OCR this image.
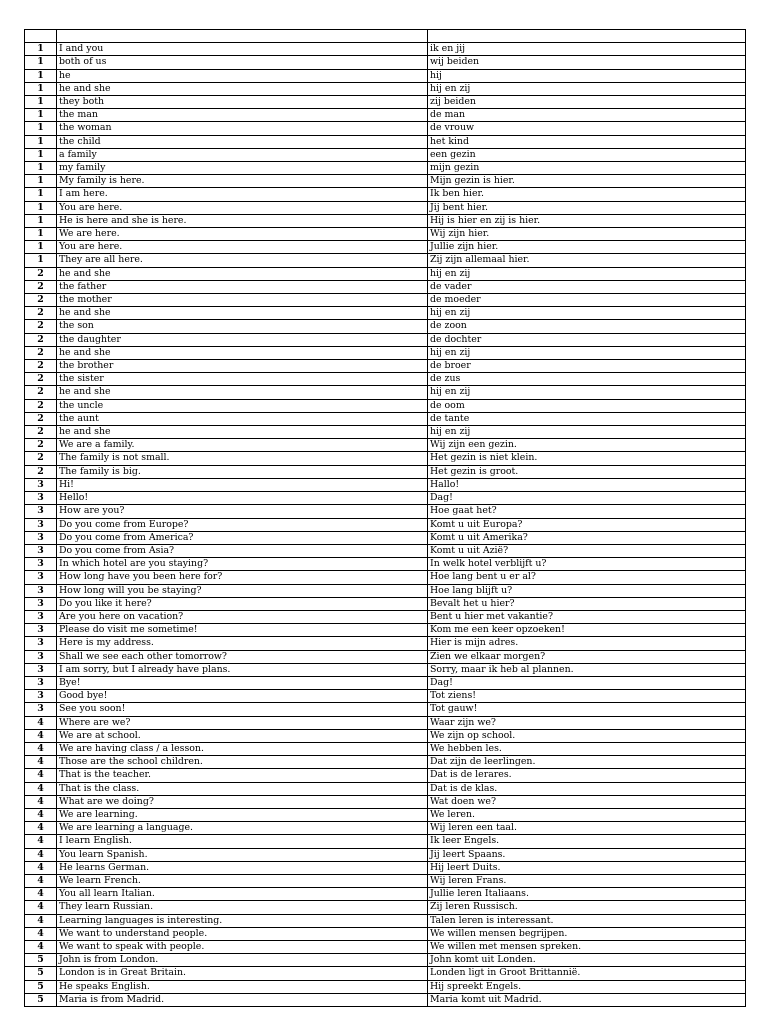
1	I and you	ik en jij
1	both of us	wij beiden
1	he	hij
1	he and she	hij en zij
1	they both	zij beiden
1	the man	de man
1	the woman	de vrouw
1	the child	het kind
1	a family	een gezin
1	my family	mijn gezin
1	My family is here.	Mijn gezin is hier.
1	I am here.	Ik ben hier.
1	You are here.	Jij bent hier.
1	He is here and she is here.	Hij is hier en zij is hier.
1	We are here.	Wij zijn hier.
1	You are here.	Jullie zijn hier.
1	They are all here.	Zij zijn allemaal hier.
2	he and she	hij en zij
2	the father	de vader
2	the mother	de moeder
2	he and she	hij en zij
2	the son	de zoon
2	the daughter	de dochter
2	he and she	hij en zij
2	the brother	de broer
2	the sister	de zus
2	he and she	hij en zij
2	the uncle	de oom
2	the aunt	de tante
2	he and she	hij en zij
2	We are a family.	Wij zijn een gezin.
2	The family is not small.	Het gezin is niet klein.
2	The family is big.	Het gezin is groot.
3	Hi!	Hallo!
3	Hello!	Dag!
3	How are you?	Hoe gaat het?
3	Do you come from Europe?	Komt u uit Europa?
3	Do you come from America?	Komt u uit Amerika?
3	Do you come from Asia?	Komt u uit Azië?
3	In which hotel are you staying?	In welk hotel verblijft u?
3	How long have you been here for?	Hoe lang bent u er al?
3	How long will you be staying?	Hoe lang blijft u?
3	Do you like it here?	Bevalt het u hier?
3	Are you here on vacation?	Bent u hier met vakantie?
3	Please do visit me sometime!	Kom me een keer opzoeken!
3	Here is my address.	Hier is mijn adres.
3	Shall we see each other tomorrow?	Zien we elkaar morgen?
3	I am sorry, but I already have plans.	Sorry, maar ik heb al plannen.
3	Bye!	Dag!
3	Good bye!	Tot ziens!
3	See you soon!	Tot gauw!
4	Where are we?	Waar zijn we?
4	We are at school.	We zijn op school.
4	We are having class / a lesson.	We hebben les.
4	Those are the school children.	Dat zijn de leerlingen.
4	That is the teacher.	Dat is de lerares.
4	That is the class.	Dat is de klas.
4	What are we doing?	Wat doen we?
4	We are learning.	We leren.
4	We are learning a language.	Wij leren een taal.
4	I learn English.	Ik leer Engels.
4	You learn Spanish.	Jij leert Spaans.
4	He learns German.	Hij leert Duits.
4	We learn French.	Wij leren Frans.
4	You all learn Italian.	Jullie leren Italiaans.
4	They learn Russian.	Zij leren Russisch.
4	Learning languages is interesting.	Talen leren is interessant.
4	We want to understand people.	We willen mensen begrijpen.
4	We want to speak with people.	We willen met mensen spreken.
5	John is from London.	John komt uit Londen.
5	London is in Great Britain.	Londen ligt in Groot Brittannië.
5	He speaks English.	Hij spreekt Engels.
5	Maria is from Madrid.	Maria komt uit Madrid.
